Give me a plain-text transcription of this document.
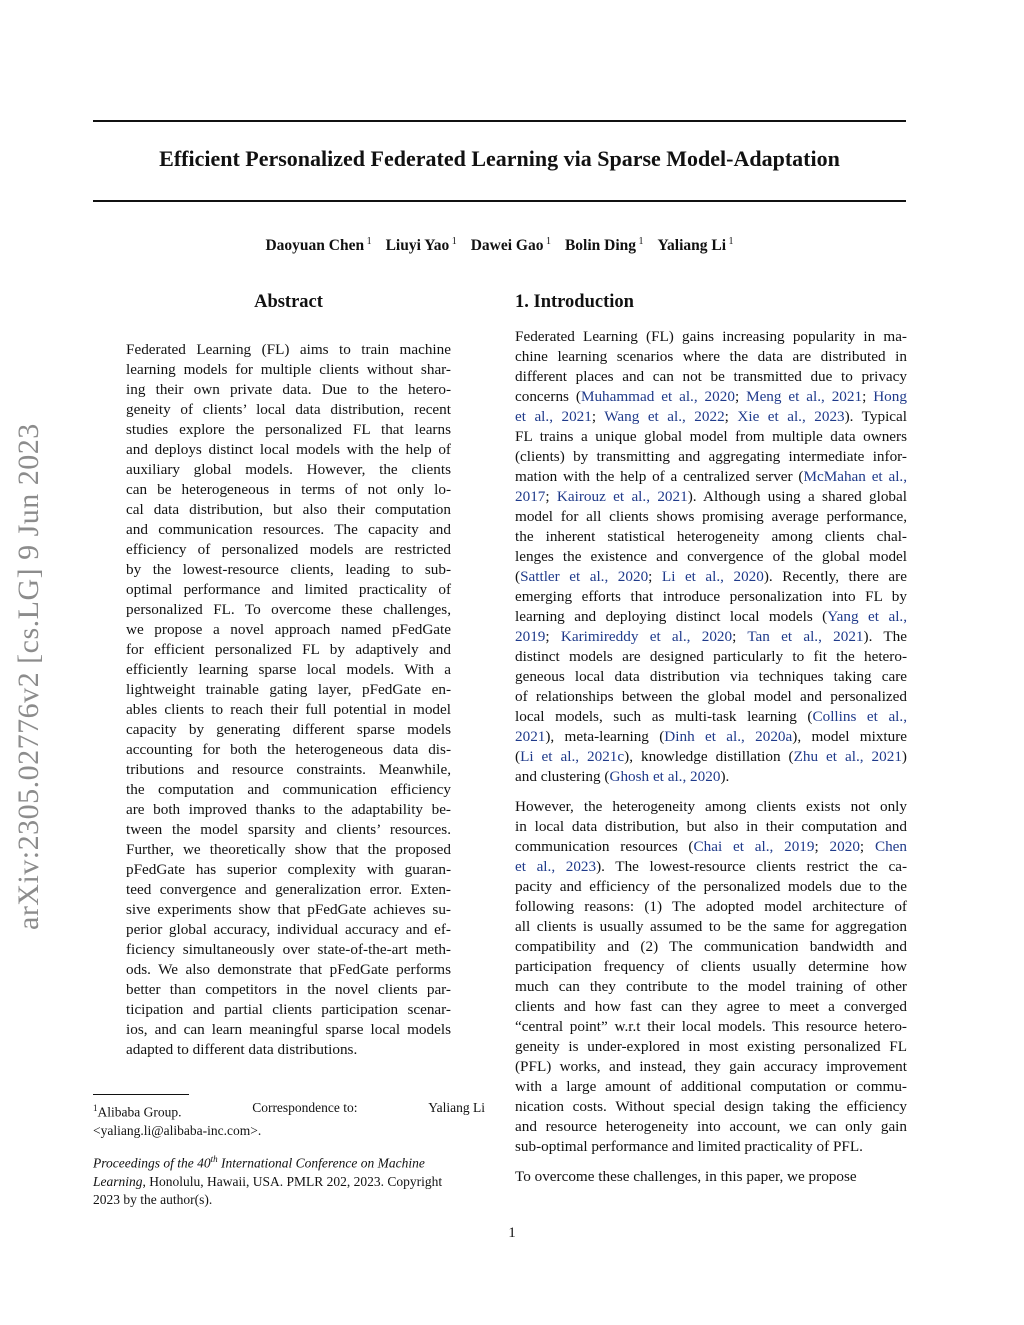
Efficient Personalized Federated Learning via Sparse Model-Adaptation
Daoyuan Chen $^1$ Liuyi Yao $^1$ Dawei Gao $^1$ Bolin Ding $^1$ Yaliang Li $^1$
arXiv:2305.02776v2 [cs.LG] 9 Jun 2023
Abstract
Federated Learning (FL) aims to train machine
learning models for multiple clients without shar-
ing their own private data. Due to the hetero-
geneity of clients’ local data distribution, recent
studies explore the personalized FL that learns
and deploys distinct local models with the help of
auxiliary global models. However, the clients
can be heterogeneous in terms of not only lo-
cal data distribution, but also their computation
and communication resources. The capacity and
efficiency of personalized models are restricted
by the lowest-resource clients, leading to sub-
optimal performance and limited practicality of
personalized FL. To overcome these challenges,
we propose a novel approach named pFedGate
for efficient personalized FL by adaptively and
efficiently learning sparse local models. With a
lightweight trainable gating layer, pFedGate en-
ables clients to reach their full potential in model
capacity by generating different sparse models
accounting for both the heterogeneous data dis-
tributions and resource constraints. Meanwhile,
the computation and communication efficiency
are both improved thanks to the adaptability be-
tween the model sparsity and clients’ resources.
Further, we theoretically show that the proposed
pFedGate has superior complexity with guaran-
teed convergence and generalization error. Exten-
sive experiments show that pFedGate achieves su-
perior global accuracy, individual accuracy and ef-
ficiency simultaneously over state-of-the-art meth-
ods. We also demonstrate that pFedGate performs
better than competitors in the novel clients par-
ticipation and partial clients participation scenar-
ios, and can learn meaningful sparse local models
adapted to different data distributions.
1. Introduction
Federated Learning (FL) gains increasing popularity in ma-
chine learning scenarios where the data are distributed in
different places and can not be transmitted due to privacy
concerns (Muhammad et al., 2020; Meng et al., 2021; Hong
et al., 2021; Wang et al., 2022; Xie et al., 2023). Typical
FL trains a unique global model from multiple data owners
(clients) by transmitting and aggregating intermediate infor-
mation with the help of a centralized server (McMahan et al.,
2017; Kairouz et al., 2021). Although using a shared global
model for all clients shows promising average performance,
the inherent statistical heterogeneity among clients chal-
lenges the existence and convergence of the global model
(Sattler et al., 2020; Li et al., 2020). Recently, there are
emerging efforts that introduce personalization into FL by
learning and deploying distinct local models (Yang et al.,
2019; Karimireddy et al., 2020; Tan et al., 2021). The
distinct models are designed particularly to fit the hetero-
geneous local data distribution via techniques taking care
of relationships between the global model and personalized
local models, such as multi-task learning (Collins et al.,
2021), meta-learning (Dinh et al., 2020a), model mixture
(Li et al., 2021c), knowledge distillation (Zhu et al., 2021)
and clustering (Ghosh et al., 2020).
However, the heterogeneity among clients exists not only
in local data distribution, but also in their computation and
communication resources (Chai et al., 2019; 2020; Chen
et al., 2023). The lowest-resource clients restrict the ca-
pacity and efficiency of the personalized models due to the
following reasons: (1) The adopted model architecture of
all clients is usually assumed to be the same for aggregation
compatibility and (2) The communication bandwidth and
participation frequency of clients usually determine how
much can they contribute to the model training of other
clients and how fast can they agree to meet a converged
“central point” w.r.t their local models. This resource hetero-
geneity is under-explored in most existing personalized FL
(PFL) works, and instead, they gain accuracy improvement
with a large amount of additional computation or commu-
nication costs. Without special design taking the efficiency
and resource heterogeneity into account, we can only gain
sub-optimal performance and limited practicality of PFL.
To overcome these challenges, in this paper, we propose
$^1$Alibaba Group.	Correspondence to:	Yaliang Li
<yaliang.li@alibaba-inc.com>.
Proceedings of the 40th International Conference on Machine
Learning, Honolulu, Hawaii, USA. PMLR 202, 2023. Copyright
2023 by the author(s).
1
